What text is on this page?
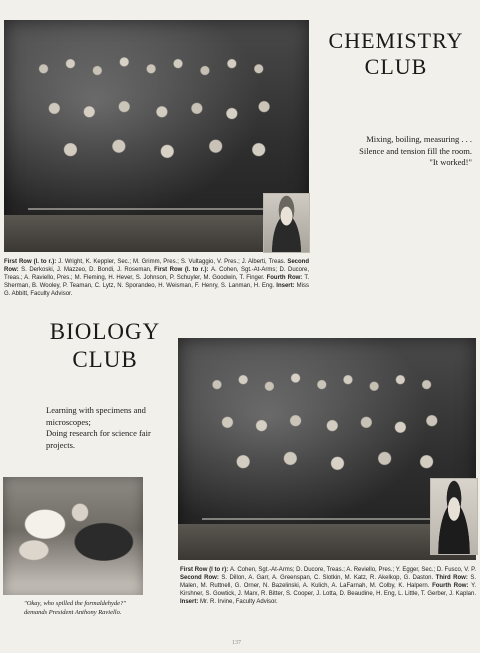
CHEMISTRY
CLUB
Mixing, boiling, measuring . . .
Silence and tension fill the room.
"It worked!"
First Row (l. to r.): J. Wright, K. Keppler, Sec.; M. Grimm, Pres.; S. Vultaggio, V. Pres.; J. Alberti, Treas. Second Row: S. Derkoski, J. Mazzeo, D. Bondi, J. Roseman, First Row (l. to r.): A. Cohen, Sgt.-At-Arms; D. Ducore, Treas.; A. Raviello, Pres.; M. Fleming, H. Hever, S. Johnson, P. Schuyler, M. Goodwin, T. Finger. Fourth Row: T. Sherman, B. Wooley, P. Teaman, C. Lytz, N. Sporandeo, H. Weisman, F. Henry, S. Lanman, H. Eng. Insert: Miss G. Abbitt, Faculty Advisor.
BIOLOGY
CLUB
Learning with specimens and
microscopes;
Doing research for science fair
projects.
"Okay, who spilled the formaldehyde?" demands President Anthony Raviello.
First Row (l to r): A. Cohen, Sgt.-At-Arms; D. Ducore, Treas.; A. Reviello, Pres.; Y. Egger, Sec.; D. Fusco, V. P. Second Row: S. Dillon, A. Garr, A. Greenspan, C. Slotkin, M. Katz, R. Akelkop, G. Daston. Third Row: S. Malen, M. Ruttnell, G. Orner, N. Bazelinski, A. Kulich, A. LaFarnah, M. Colby, K. Halpern. Fourth Row: Y. Kirshner, S. Gowtick, J. Marx, R. Bitter, S. Cooper, J. Lotta, D. Beaudine, H. Eng, L. Little, T. Gerber, J. Kaplan. Insert: Mr. R. Irvine, Faculty Advisor.
137
